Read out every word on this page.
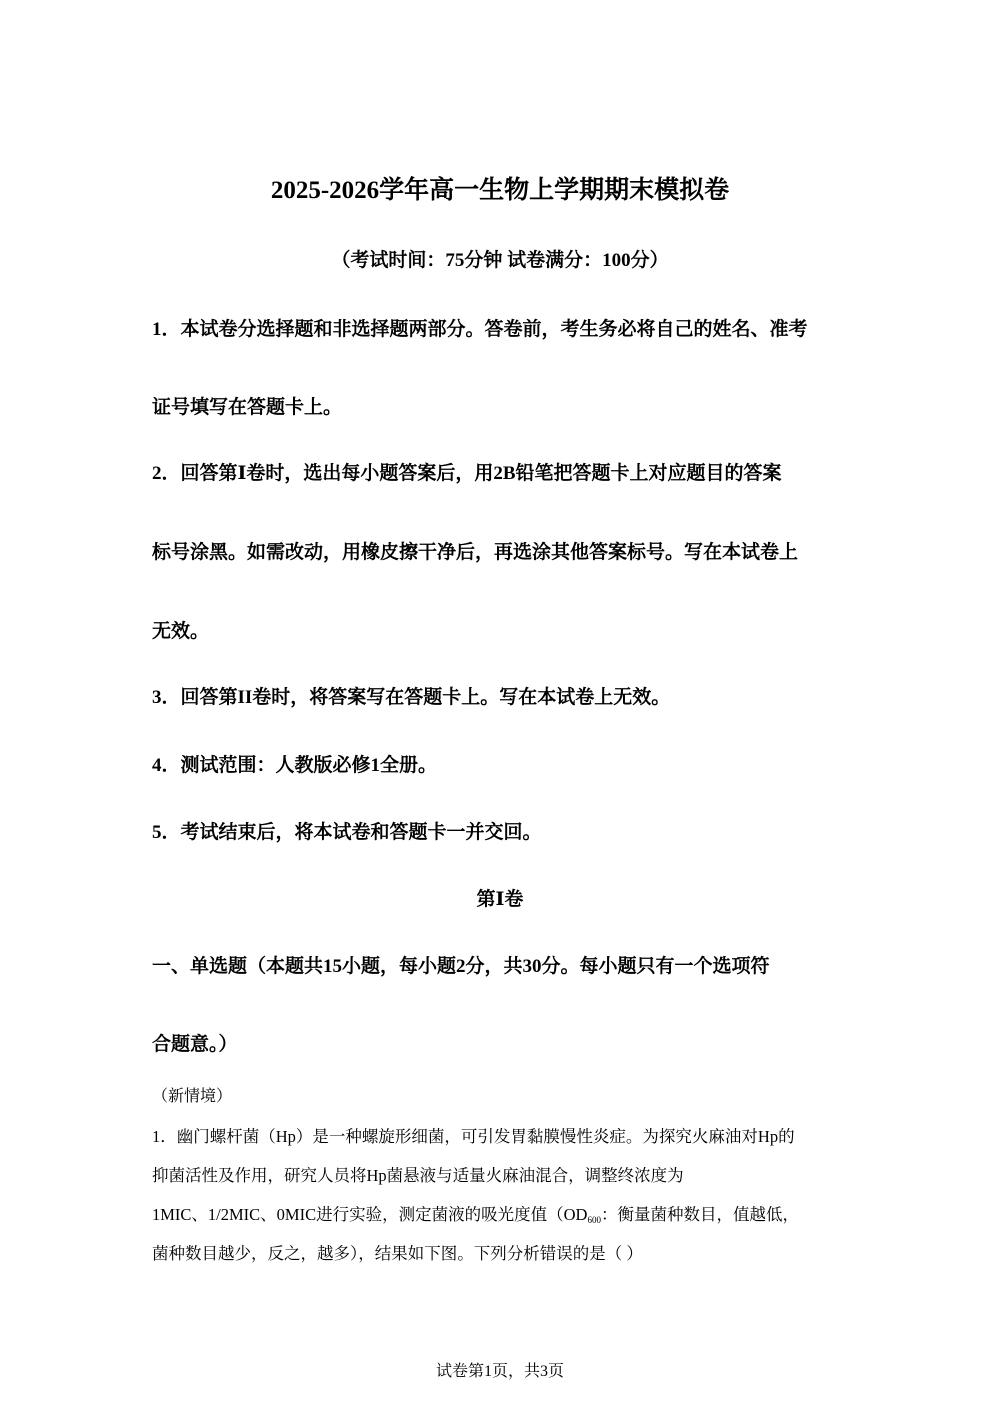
2025-2026学年高一生物上学期期末模拟卷
（考试时间：75分钟 试卷满分：100分）
1．本试卷分选择题和非选择题两部分。答卷前，考生务必将自己的姓名、准考
证号填写在答题卡上。
2．回答第Ⅰ卷时，选出每小题答案后，用2B铅笔把答题卡上对应题目的答案
标号涂黑。如需改动，用橡皮擦干净后，再选涂其他答案标号。写在本试卷上
无效。
3．回答第II卷时，将答案写在答题卡上。写在本试卷上无效。
4．测试范围：人教版必修1全册。
5．考试结束后，将本试卷和答题卡一并交回。
第Ⅰ卷
一、单选题（本题共15小题，每小题2分，共30分。每小题只有一个选项符
合题意。）
（新情境）
1．幽门螺杆菌（Hp）是一种螺旋形细菌，可引发胃黏膜慢性炎症。为探究火麻油对Hp的
抑菌活性及作用，研究人员将Hp菌悬液与适量火麻油混合，调整终浓度为
1MIC、1/2MIC、0MIC进行实验，测定菌液的吸光度值（$OD_{600}$：衡量菌种数目，值越低，
菌种数目越少，反之，越多），结果如下图。下列分析错误的是（ ）
试卷第1页，共3页
